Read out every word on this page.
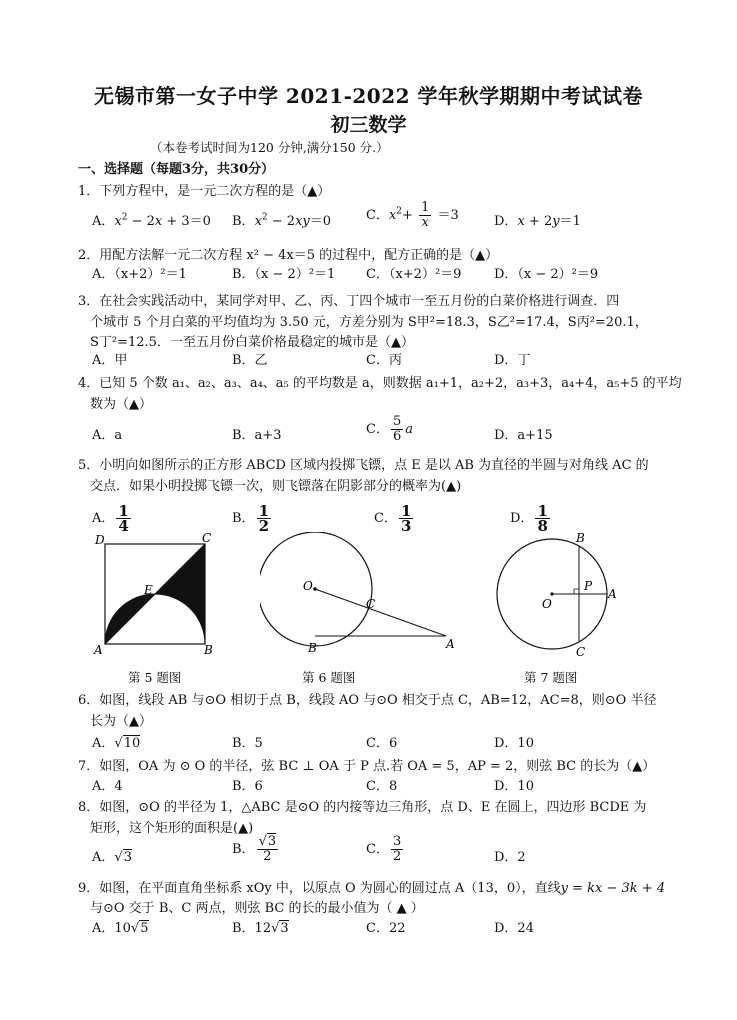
无锡市第一女子中学 2021-2022 学年秋学期期中考试试卷
初三数学
（本卷考试时间为120 分钟,满分150 分.）
一、选择题（每题3分，共30分）
1．下列方程中，是一元二次方程的是（▲）
A．$x^2 - 2x + 3=0$ B．$x^2 - 2xy=0$	C．$x^2+ \frac{1}{x} =3$	D．x + 2y＝1
2．用配方法解一元二次方程 x² − 4x＝5 的过程中，配方正确的是（▲）
A．（x+2）²＝1	B．（x − 2）²＝1 C．（x+2）²＝9	D．（x − 2）²＝9
3．在社会实践活动中，某同学对甲、乙、丙、丁四个城市一至五月份的白菜价格进行调查．四
个城市 5 个月白菜的平均值均为 3.50 元，方差分别为 S甲²=18.3，S乙²=17.4，S丙²=20.1，
S丁²=12.5．一至五月份白菜价格最稳定的城市是（▲）
A．甲	B．乙	C．丙	D．丁
4．已知 5 个数 a₁、a₂、a₃、a₄、a₅ 的平均数是 a，则数据 a₁+1，a₂+2，a₃+3，a₄+4，a₅+5 的平均
数为（▲）
A．a	B．a+3	C． $\frac{5}{6}$ a	D．a+15
5．小明向如图所示的正方形 ABCD 区域内投掷飞镖，点 E 是以 AB 为直径的半圆与对角线 AC 的
交点．如果小明投掷飞镖一次，则飞镖落在阴影部分的概率为(▲)
A． $\frac{1}{4}$	B． $\frac{1}{2}$	C． $\frac{1}{3}$	D． $\frac{1}{8}$
D	C
E
A	B
O
C
B	A
O
P
A
B
C
第 5 题图	第 6 题图	第 7 题图
6．如图，线段 AB 与⊙O 相切于点 B，线段 AO 与⊙O 相交于点 C，AB=12，AC=8，则⊙O 半径
长为（▲）
A．√10	B．5	C．6	D．10
7．如图，OA 为 ⊙ O 的半径，弦 BC ⊥ OA 于 P 点.若 OA = 5，AP = 2，则弦 BC 的长为（▲）
A．4	B．6	C．8	D．10
8．如图，⊙O 的半径为 1，△ABC 是⊙O 的内接等边三角形，点 D、E 在圆上，四边形 BCDE 为
矩形，这个矩形的面积是(▲)
A．√3
B． $\frac{√3}{2}$	C． $\frac{3}{2}$	D．2
9．如图，在平面直角坐标系 xOy 中，以原点 O 为圆心的圆过点 A（13，0），直线y = kx − 3k + 4
与⊙O 交于 B、C 两点，则弦 BC 的长的最小值为（ ▲ ）
A．10√5	B．12√3	C．22	D．24
